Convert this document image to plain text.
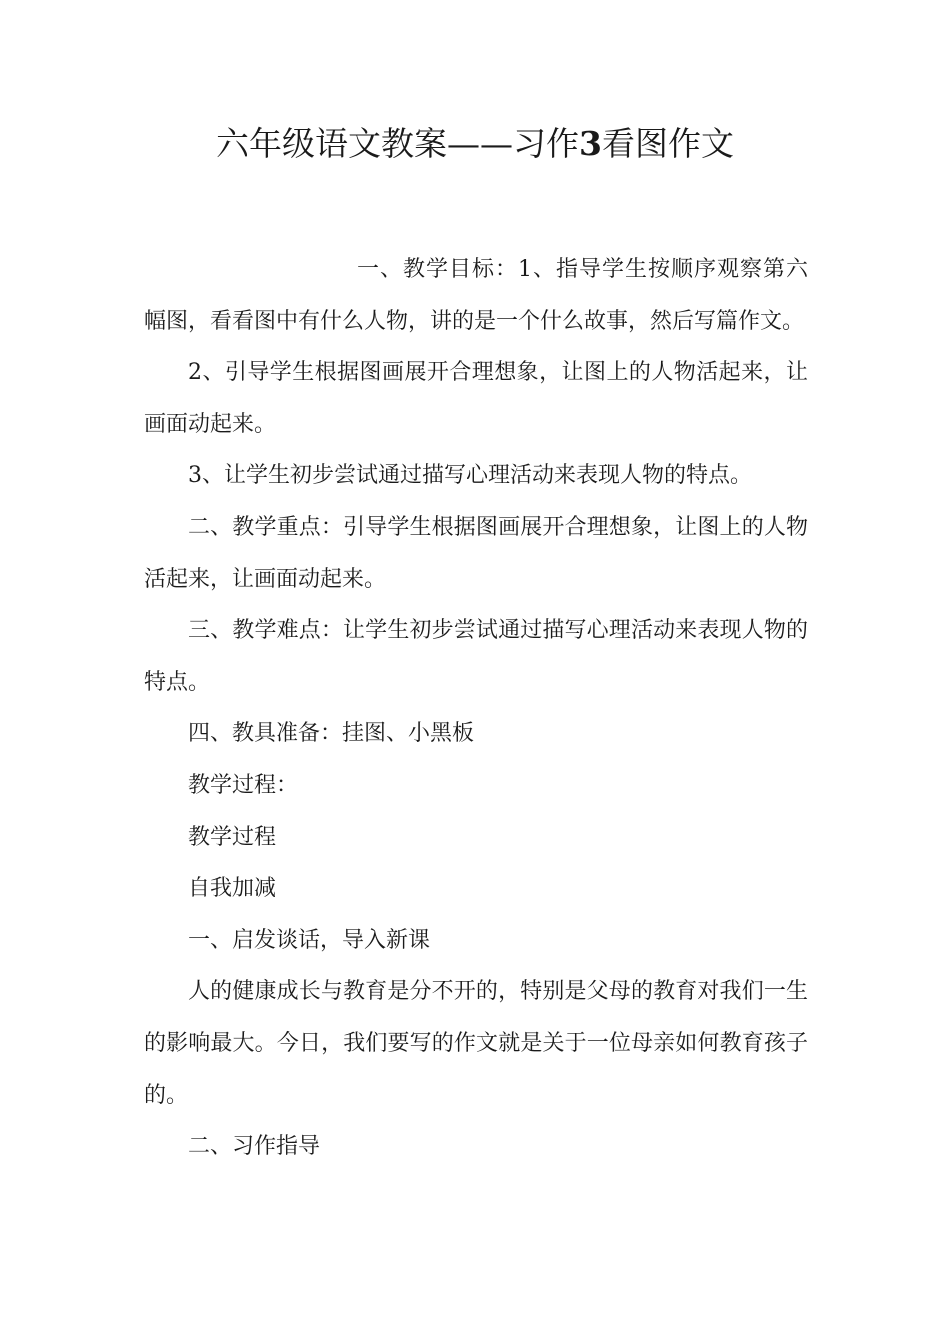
六年级语文教案——习作3看图作文

一、教学目标：1、指导学生按顺序观察第六幅图，看看图中有什么人物，讲的是一个什么故事，然后写篇作文。

2、引导学生根据图画展开合理想象，让图上的人物活起来，让画面动起来。

3、让学生初步尝试通过描写心理活动来表现人物的特点。

二、教学重点：引导学生根据图画展开合理想象，让图上的人物活起来，让画面动起来。

三、教学难点：让学生初步尝试通过描写心理活动来表现人物的特点。

四、教具准备：挂图、小黑板

教学过程：

教学过程

自我加减

一、启发谈话，导入新课

人的健康成长与教育是分不开的，特别是父母的教育对我们一生的影响最大。今日，我们要写的作文就是关于一位母亲如何教育孩子的。

二、习作指导
